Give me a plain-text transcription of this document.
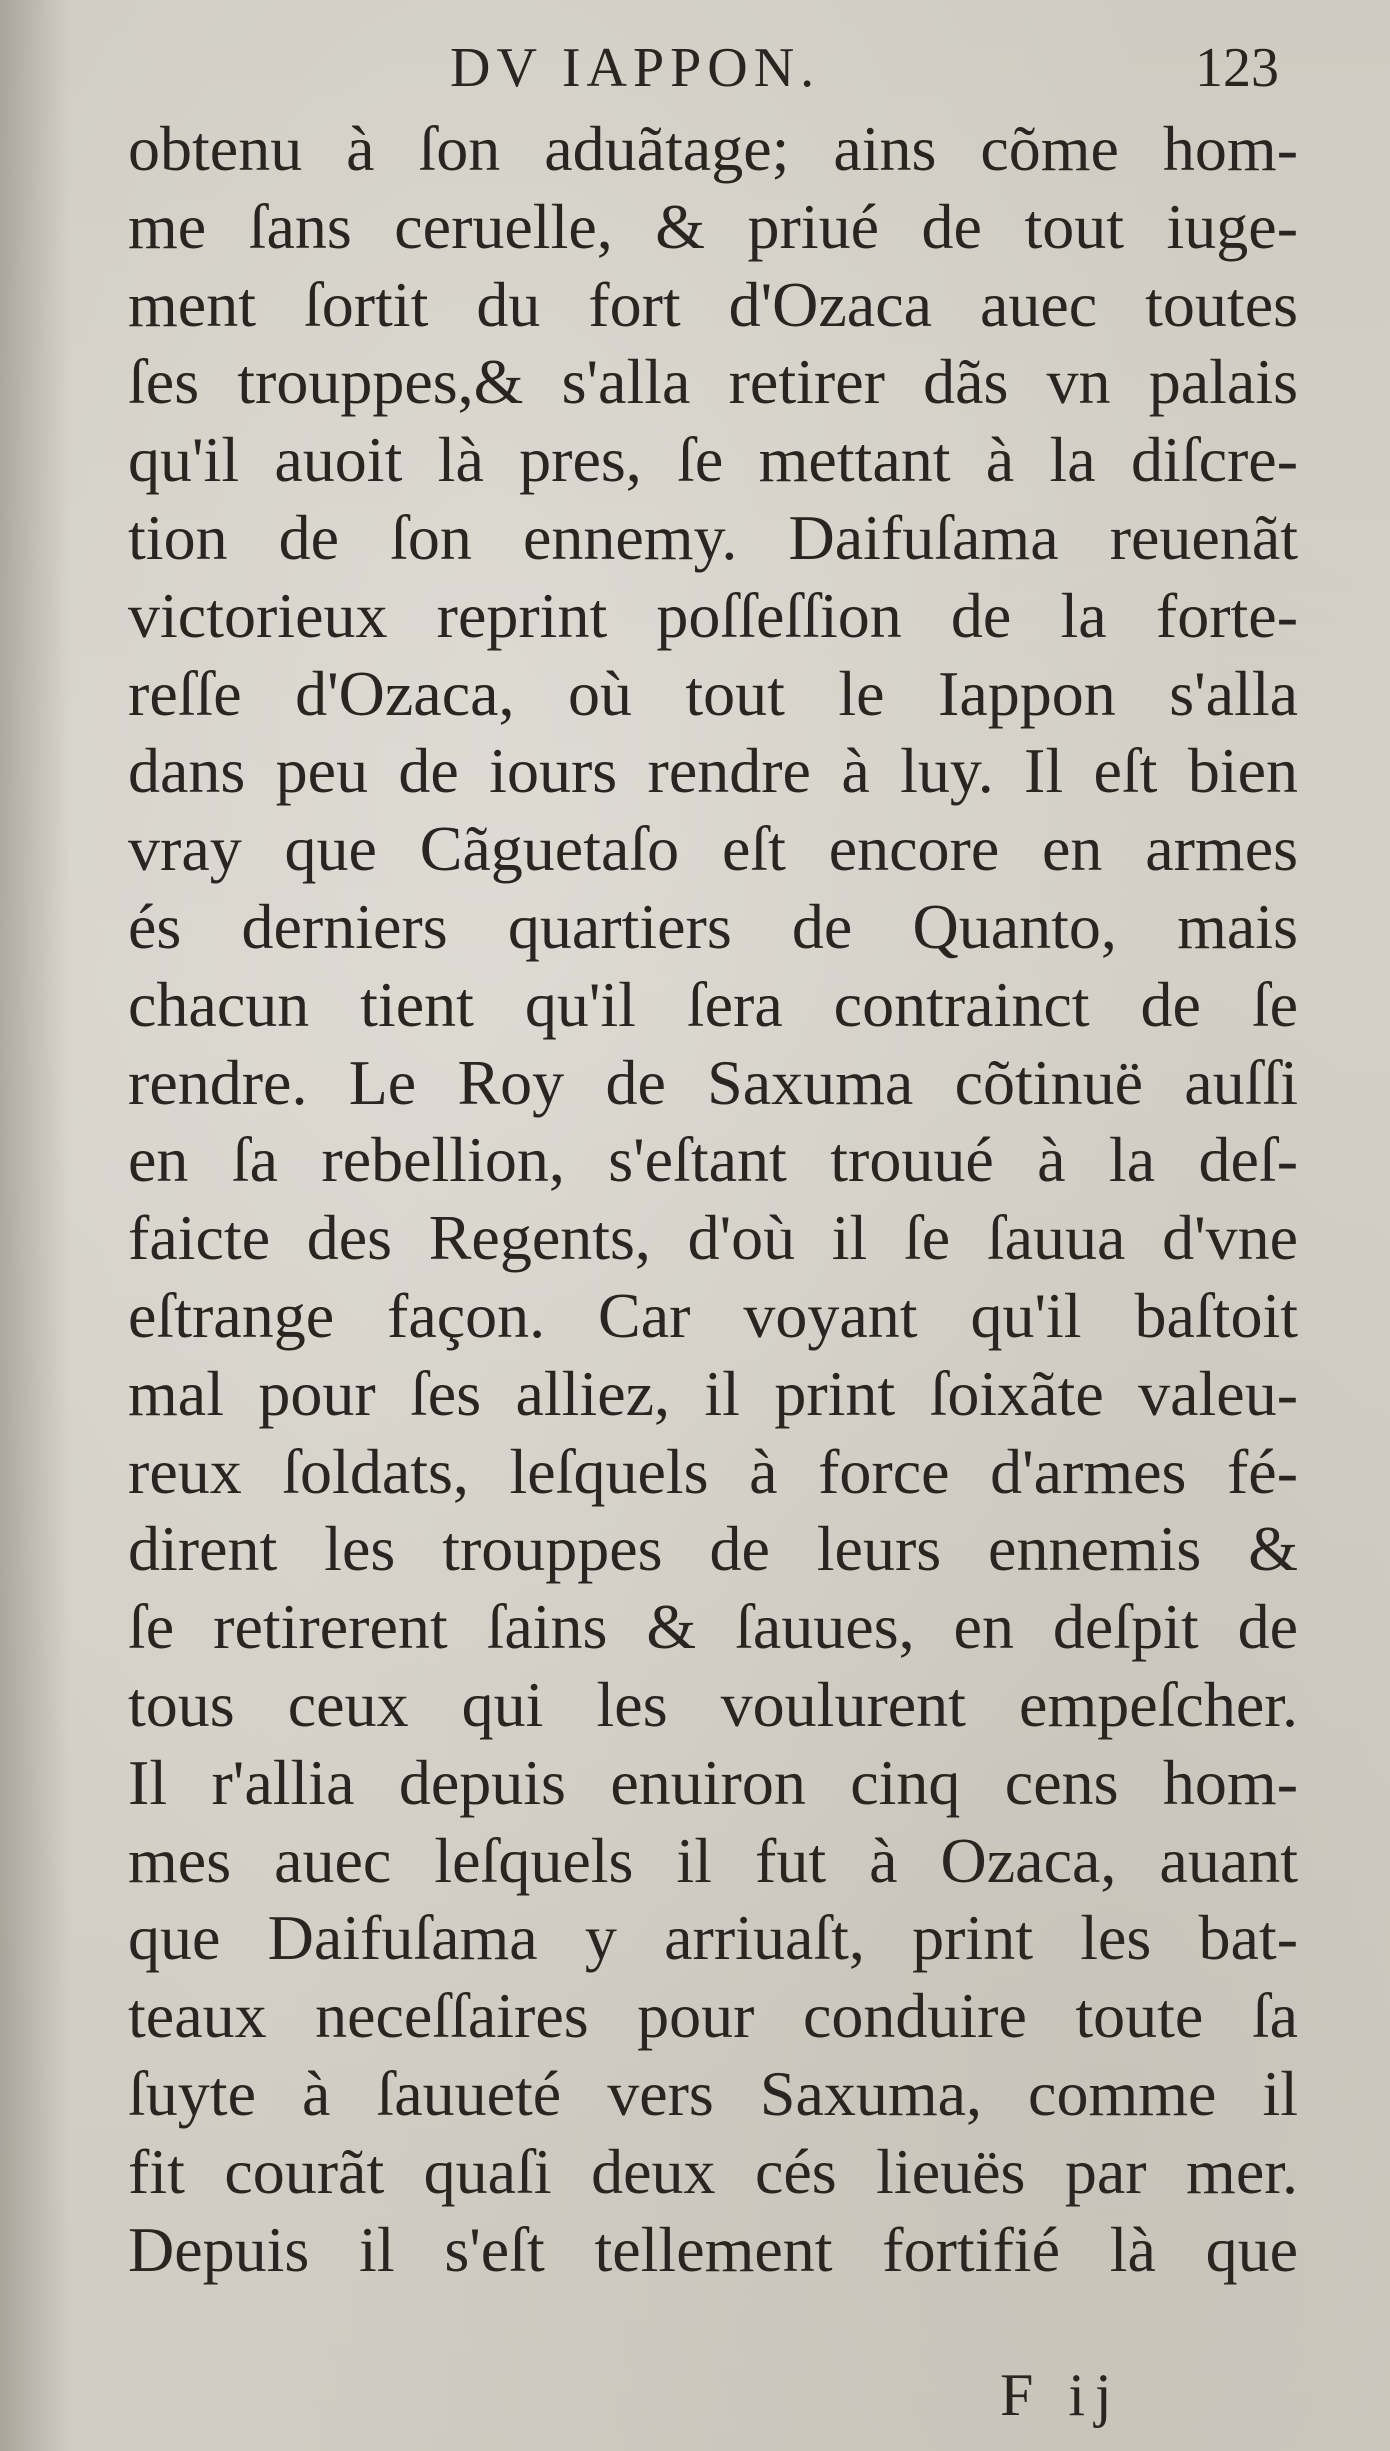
DV IAPPON.	123
obtenu à ſon aduãtage; ains cõme hom-
me ſans ceruelle, & priué de tout iuge-
ment ſortit du fort d'Ozaca auec toutes
ſes trouppes,& s'alla retirer dãs vn palais
qu'il auoit là pres, ſe mettant à la diſcre-
tion de ſon ennemy. Daifuſama reuenãt
victorieux reprint poſſeſſion de la forte-
reſſe d'Ozaca, où tout le Iappon s'alla
dans peu de iours rendre à luy. Il eſt bien
vray que Cãguetaſo eſt encore en armes
és derniers quartiers de Quanto, mais
chacun tient qu'il ſera contrainct de ſe
rendre. Le Roy de Saxuma cõtinuë auſſi
en ſa rebellion, s'eſtant trouué à la deſ-
faicte des Regents, d'où il ſe ſauua d'vne
eſtrange façon. Car voyant qu'il baſtoit
mal pour ſes alliez, il print ſoixãte valeu-
reux ſoldats, leſquels à force d'armes fé-
dirent les trouppes de leurs ennemis &
ſe retirerent ſains & ſauues, en deſpit de
tous ceux qui les voulurent empeſcher.
Il r'allia depuis enuiron cinq cens hom-
mes auec leſquels il fut à Ozaca, auant
que Daifuſama y arriuaſt, print les bat-
teaux neceſſaires pour conduire toute ſa
ſuyte à ſauueté vers Saxuma, comme il
fit courãt quaſi deux cés lieuës par mer.
Depuis il s'eſt tellement fortifié là que
F ij
